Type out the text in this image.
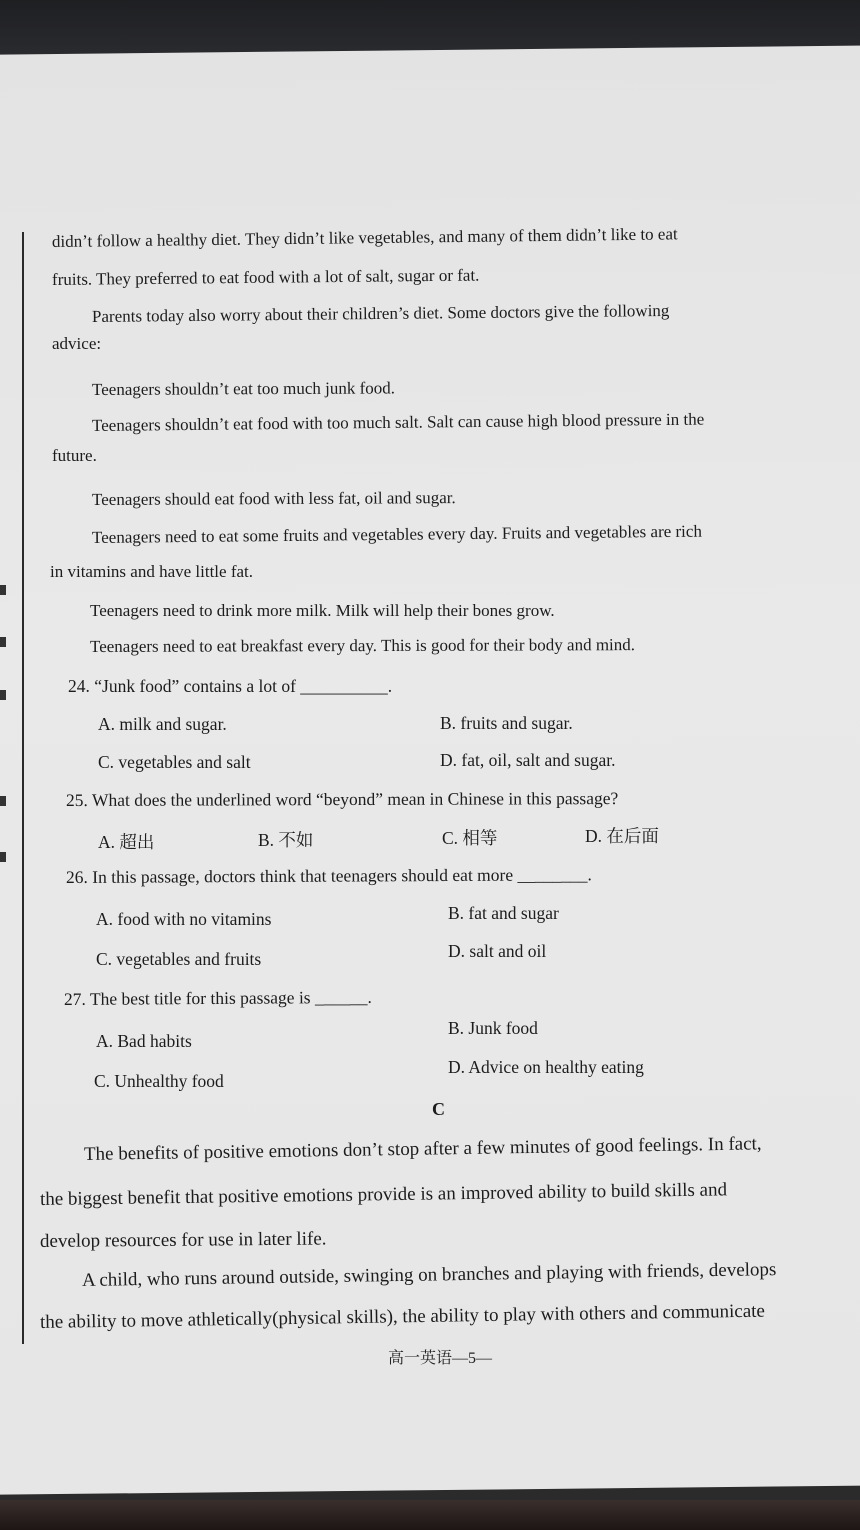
didn’t follow a healthy diet. They didn’t like vegetables, and many of them didn’t like to eat
fruits. They preferred to eat food with a lot of salt, sugar or fat.
Parents today also worry about their children’s diet. Some doctors give the following
advice:
Teenagers shouldn’t eat too much junk food.
Teenagers shouldn’t eat food with too much salt. Salt can cause high blood pressure in the
future.
Teenagers should eat food with less fat, oil and sugar.
Teenagers need to eat some fruits and vegetables every day. Fruits and vegetables are rich
in vitamins and have little fat.
Teenagers need to drink more milk. Milk will help their bones grow.
Teenagers need to eat breakfast every day. This is good for their body and mind.
24. “Junk food” contains a lot of __________.
A. milk and sugar.	B. fruits and sugar.
C. vegetables and salt	D. fat, oil, salt and sugar.
25. What does the underlined word “beyond” mean in Chinese in this passage?
A. 超出	B. 不如	C. 相等	D. 在后面
26. In this passage, doctors think that teenagers should eat more ________.
A. food with no vitamins	B. fat and sugar
C. vegetables and fruits	D. salt and oil
27. The best title for this passage is ______.
A. Bad habits
B. Junk food
C. Unhealthy food
D. Advice on healthy eating
C
The benefits of positive emotions don’t stop after a few minutes of good feelings. In fact,
the biggest benefit that positive emotions provide is an improved ability to build skills and
develop resources for use in later life.
A child, who runs around outside, swinging on branches and playing with friends, develops
the ability to move athletically(physical skills), the ability to play with others and communicate
高一英语—5—
